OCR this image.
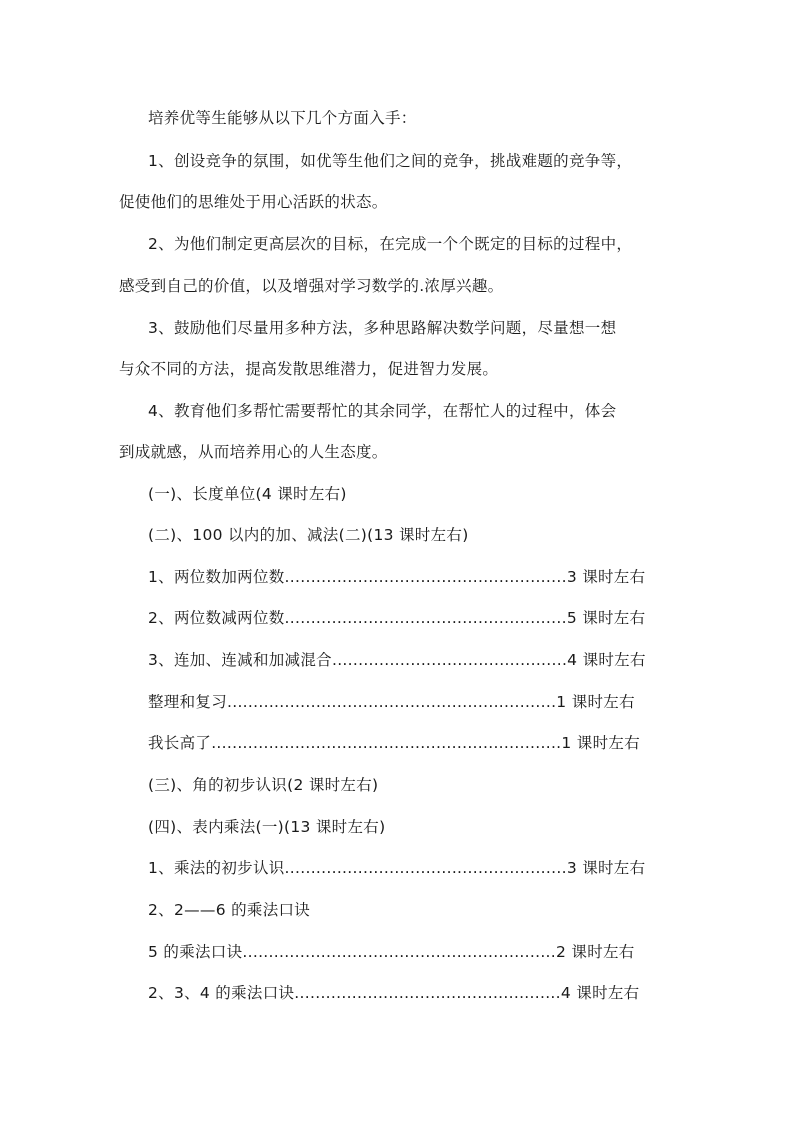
培养优等生能够从以下几个方面入手：
1、创设竞争的氛围，如优等生他们之间的竞争，挑战难题的竞争等，
促使他们的思维处于用心活跃的状态。
2、为他们制定更高层次的目标，在完成一个个既定的目标的过程中，
感受到自己的价值，以及增强对学习数学的.浓厚兴趣。
3、鼓励他们尽量用多种方法，多种思路解决数学问题，尽量想一想
与众不同的方法，提高发散思维潜力，促进智力发展。
4、教育他们多帮忙需要帮忙的其余同学，在帮忙人的过程中，体会
到成就感，从而培养用心的人生态度。
(一)、长度单位(4 课时左右)
(二)、100 以内的加、减法(二)(13 课时左右)
1、两位数加两位数......................................................3 课时左右
2、两位数减两位数......................................................5 课时左右
3、连加、连减和加减混合.............................................4 课时左右
整理和复习...............................................................1 课时左右
我长高了...................................................................1 课时左右
(三)、角的初步认识(2 课时左右)
(四)、表内乘法(一)(13 课时左右)
1、乘法的初步认识......................................................3 课时左右
2、2——6 的乘法口诀
5 的乘法口诀............................................................2 课时左右
2、3、4 的乘法口诀...................................................4 课时左右
